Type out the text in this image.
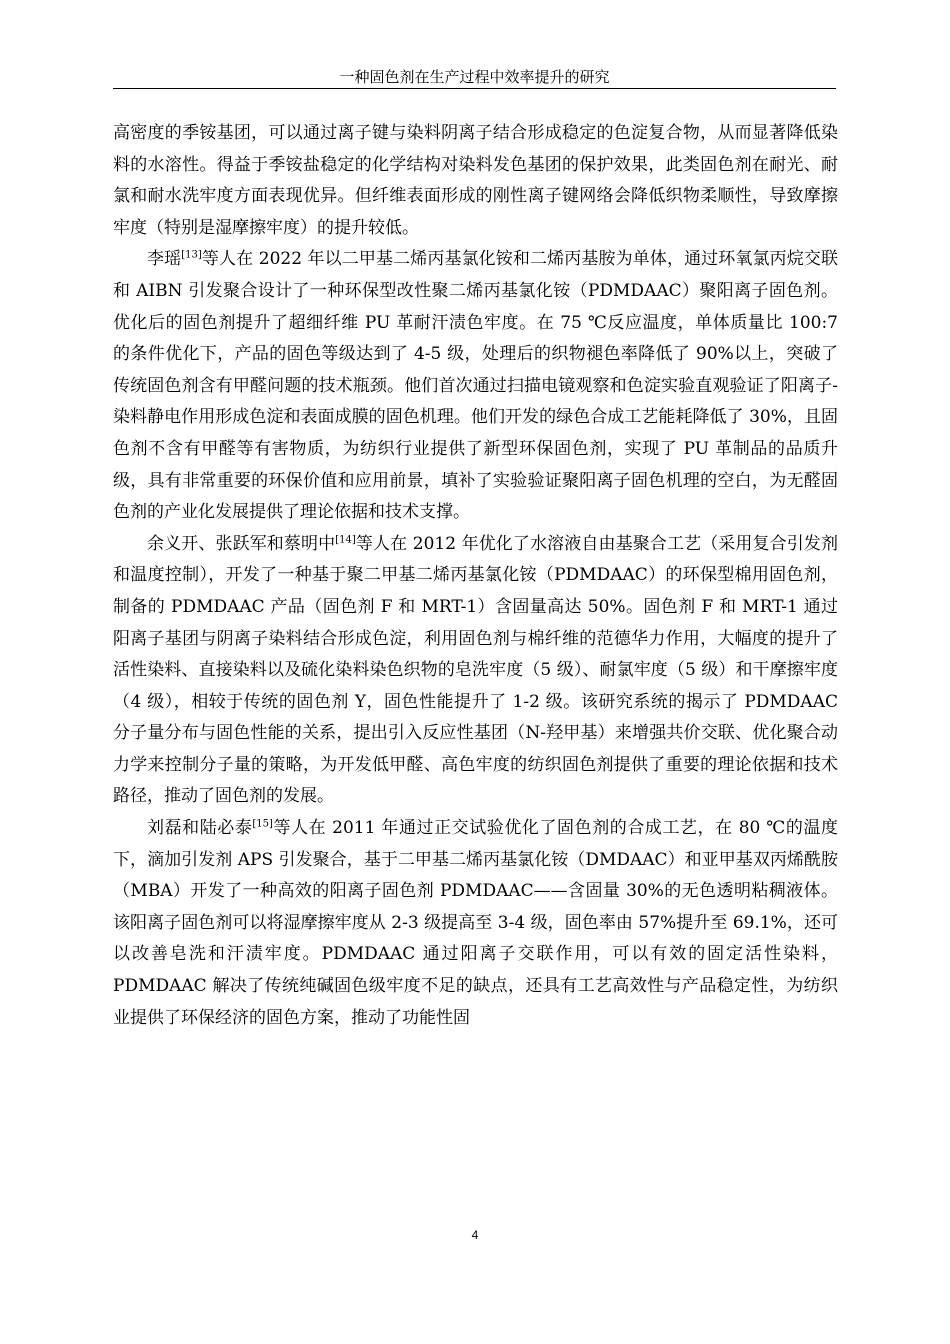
一种固色剂在生产过程中效率提升的研究

高密度的季铵基团，可以通过离子键与染料阴离子结合形成稳定的色淀复合物，从而显著降低染料的水溶性。得益于季铵盐稳定的化学结构对染料发色基团的保护效果，此类固色剂在耐光、耐氯和耐水洗牢度方面表现优异。但纤维表面形成的刚性离子键网络会降低织物柔顺性，导致摩擦牢度（特别是湿摩擦牢度）的提升较低。

李瑶[13]等人在 2022 年以二甲基二烯丙基氯化铵和二烯丙基胺为单体，通过环氧氯丙烷交联和 AIBN 引发聚合设计了一种环保型改性聚二烯丙基氯化铵（PDMDAAC）聚阳离子固色剂。优化后的固色剂提升了超细纤维 PU 革耐汗渍色牢度。在 75 ℃反应温度，单体质量比 100:7 的条件优化下，产品的固色等级达到了 4-5 级，处理后的织物褪色率降低了 90%以上，突破了传统固色剂含有甲醛问题的技术瓶颈。他们首次通过扫描电镜观察和色淀实验直观验证了阳离子-染料静电作用形成色淀和表面成膜的固色机理。他们开发的绿色合成工艺能耗降低了 30%，且固色剂不含有甲醛等有害物质，为纺织行业提供了新型环保固色剂，实现了 PU 革制品的品质升级，具有非常重要的环保价值和应用前景，填补了实验验证聚阳离子固色机理的空白，为无醛固色剂的产业化发展提供了理论依据和技术支撑。

余义开、张跃军和蔡明中[14]等人在 2012 年优化了水溶液自由基聚合工艺（采用复合引发剂和温度控制），开发了一种基于聚二甲基二烯丙基氯化铵（PDMDAAC）的环保型棉用固色剂，制备的 PDMDAAC 产品（固色剂 F 和 MRT-1）含固量高达 50%。固色剂 F 和 MRT-1 通过阳离子基团与阴离子染料结合形成色淀，利用固色剂与棉纤维的范德华力作用，大幅度的提升了活性染料、直接染料以及硫化染料染色织物的皂洗牢度（5 级）、耐氯牢度（5 级）和干摩擦牢度（4 级），相较于传统的固色剂 Y，固色性能提升了 1-2 级。该研究系统的揭示了 PDMDAAC 分子量分布与固色性能的关系，提出引入反应性基团（N-羟甲基）来增强共价交联、优化聚合动力学来控制分子量的策略，为开发低甲醛、高色牢度的纺织固色剂提供了重要的理论依据和技术路径，推动了固色剂的发展。

刘磊和陆必泰[15]等人在 2011 年通过正交试验优化了固色剂的合成工艺，在 80 ℃的温度下，滴加引发剂 APS 引发聚合，基于二甲基二烯丙基氯化铵（DMDAAC）和亚甲基双丙烯酰胺（MBA）开发了一种高效的阳离子固色剂 PDMDAAC——含固量 30%的无色透明粘稠液体。该阳离子固色剂可以将湿摩擦牢度从 2-3 级提高至 3-4 级，固色率由 57%提升至 69.1%，还可以改善皂洗和汗渍牢度。PDMDAAC 通过阳离子交联作用，可以有效的固定活性染料，PDMDAAC 解决了传统纯碱固色级牢度不足的缺点，还具有工艺高效性与产品稳定性，为纺织业提供了环保经济的固色方案，推动了功能性固

4
